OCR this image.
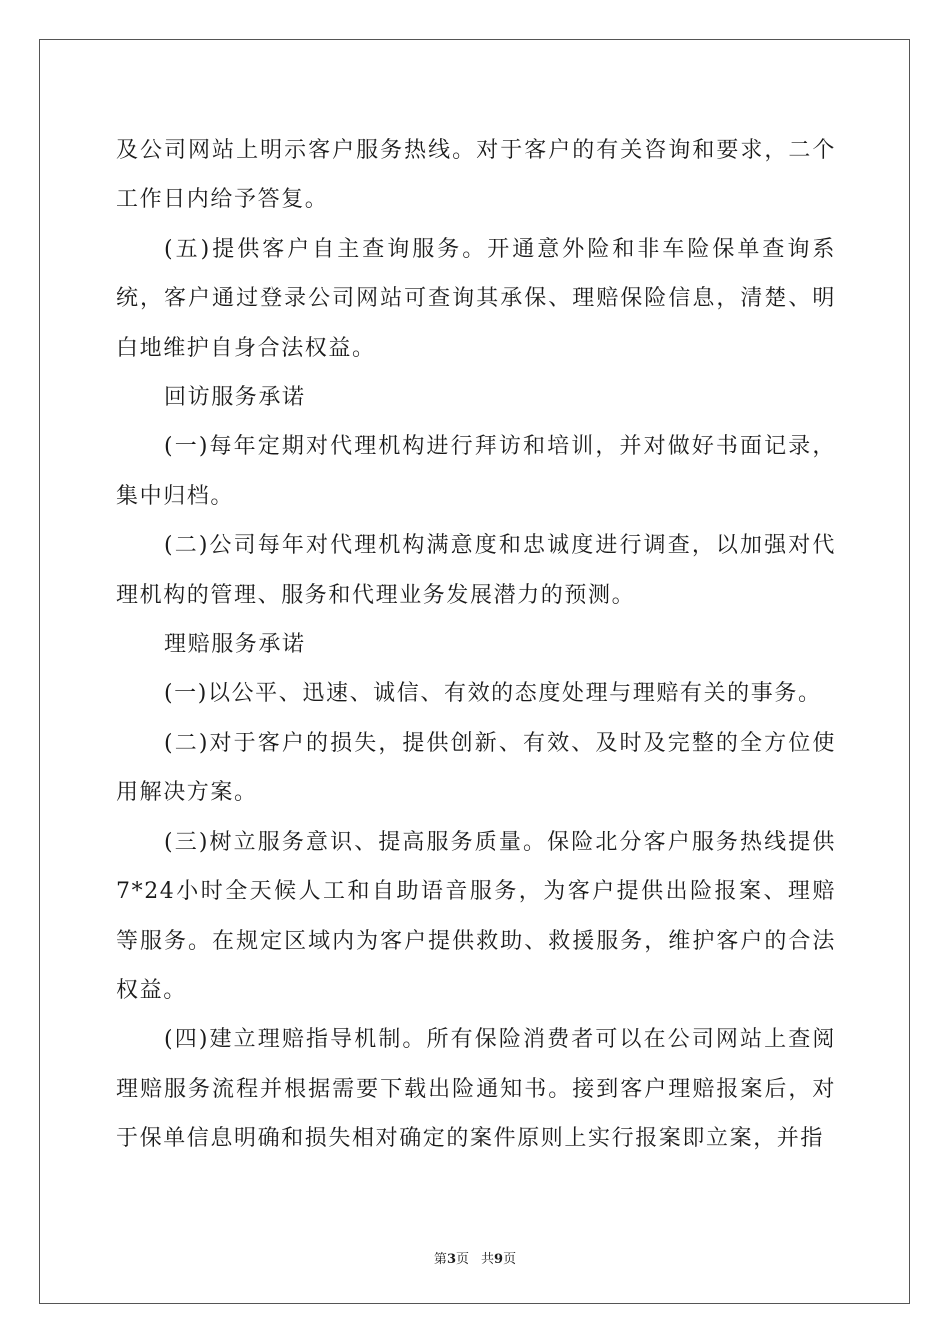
及公司网站上明示客户服务热线。对于客户的有关咨询和要求，二个工作日内给予答复。

(五)提供客户自主查询服务。开通意外险和非车险保单查询系统，客户通过登录公司网站可查询其承保、理赔保险信息，清楚、明白地维护自身合法权益。

回访服务承诺

(一)每年定期对代理机构进行拜访和培训，并对做好书面记录，集中归档。

(二)公司每年对代理机构满意度和忠诚度进行调查，以加强对代理机构的管理、服务和代理业务发展潜力的预测。

理赔服务承诺

(一)以公平、迅速、诚信、有效的态度处理与理赔有关的事务。

(二)对于客户的损失，提供创新、有效、及时及完整的全方位使用解决方案。

(三)树立服务意识、提高服务质量。保险北分客户服务热线提供7*24小时全天候人工和自助语音服务，为客户提供出险报案、理赔等服务。在规定区域内为客户提供救助、救援服务，维护客户的合法权益。

(四)建立理赔指导机制。所有保险消费者可以在公司网站上查阅理赔服务流程并根据需要下载出险通知书。接到客户理赔报案后，对于保单信息明确和损失相对确定的案件原则上实行报案即立案，并指

第3页 共9页
